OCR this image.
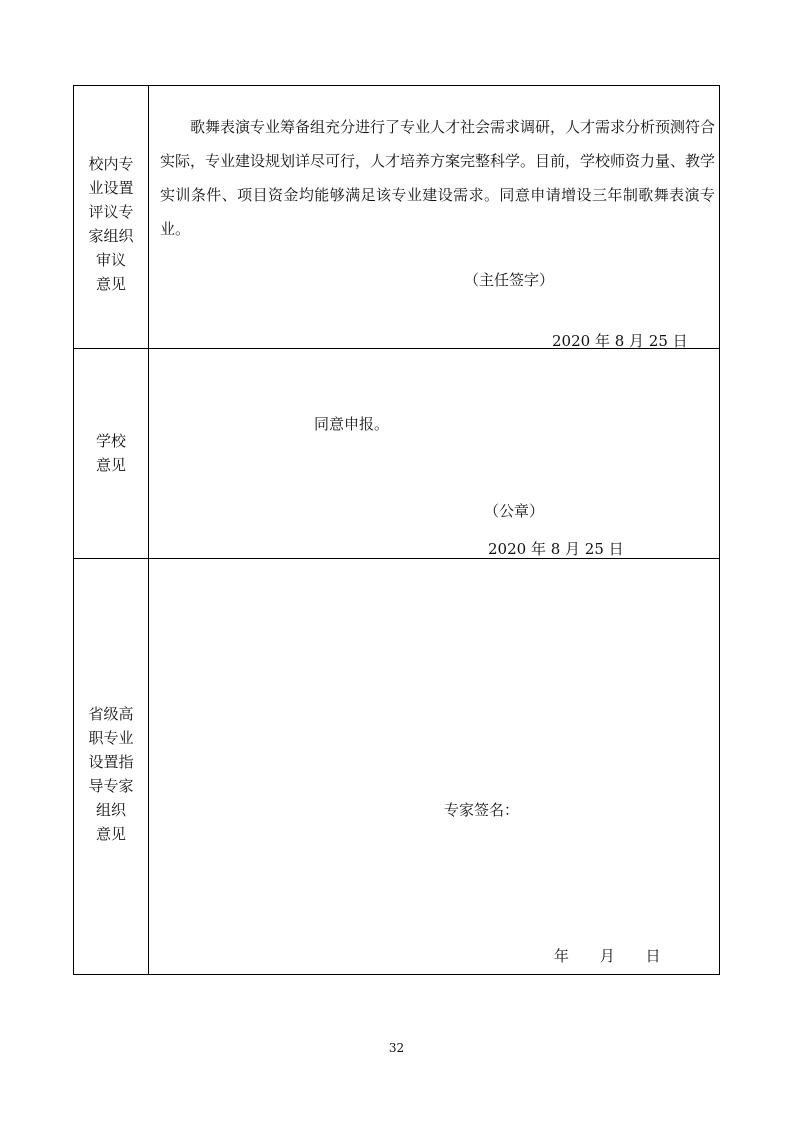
校内专
业设置
评议专
家组织
审议
意见
歌舞表演专业筹备组充分进行了专业人才社会需求调研，人才需求分析预测符合实际，专业建设规划详尽可行，人才培养方案完整科学。目前，学校师资力量、教学实训条件、项目资金均能够满足该专业建设需求。同意申请增设三年制歌舞表演专业。
（主任签字）
2020 年 8 月 25 日
学校
意见
同意申报。
（公章）
2020 年 8 月 25 日
省级高
职专业
设置指
导专家
组织
意见
专家签名：
年 月 日
32
